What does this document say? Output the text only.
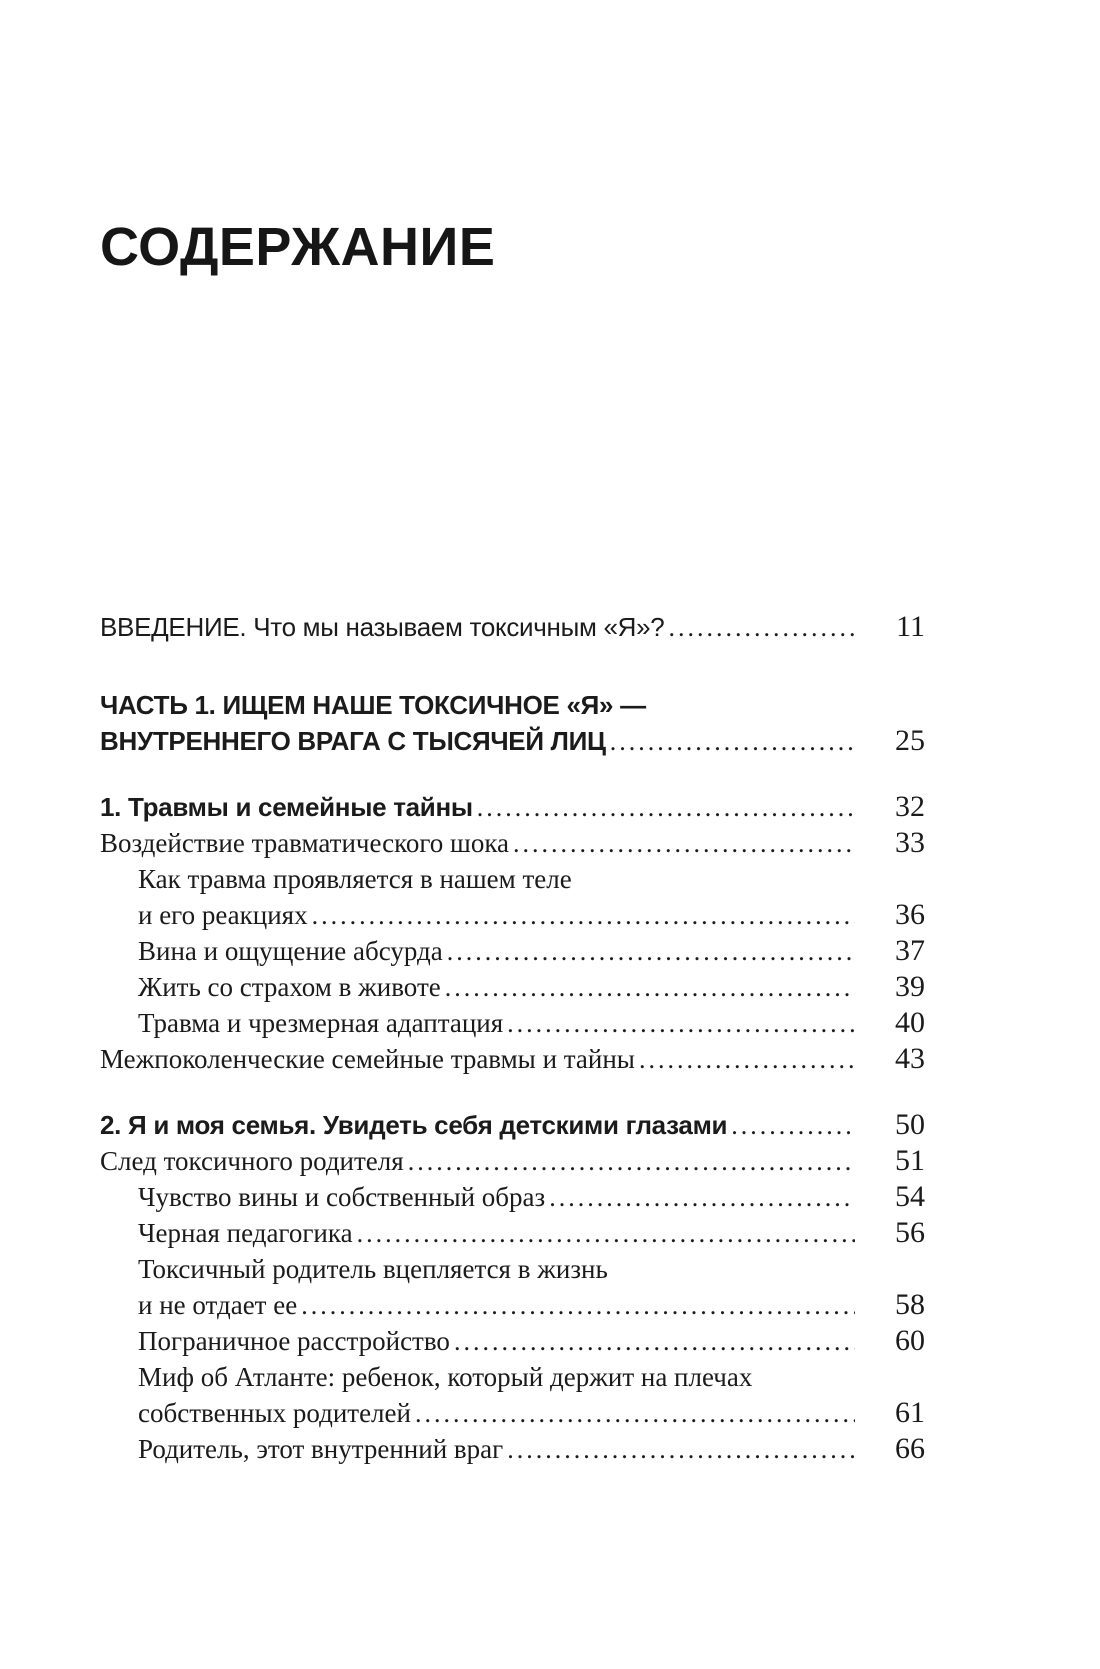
СОДЕРЖАНИЕ
ВВЕДЕНИЕ. Что мы называем токсичным «Я»? .....	11
ЧАСТЬ 1. ИЩЕМ НАШЕ ТОКСИЧНОЕ «Я» —
ВНУТРЕННЕГО ВРАГА С ТЫСЯЧЕЙ ЛИЦ .....	25
1. Травмы и семейные тайны .....	32
Воздействие травматического шока .....	33
Как травма проявляется в нашем теле
и его реакциях .....	36
Вина и ощущение абсурда .....	37
Жить со страхом в животе .....	39
Травма и чрезмерная адаптация .....	40
Межпоколенческие семейные травмы и тайны .....	43
2. Я и моя семья. Увидеть себя детскими глазами .....	50
След токсичного родителя .....	51
Чувство вины и собственный образ .....	54
Черная педагогика .....	56
Токсичный родитель вцепляется в жизнь
и не отдает ее .....	58
Пограничное расстройство .....	60
Миф об Атланте: ребенок, который держит на плечах
собственных родителей .....	61
Родитель, этот внутренний враг .....	66
